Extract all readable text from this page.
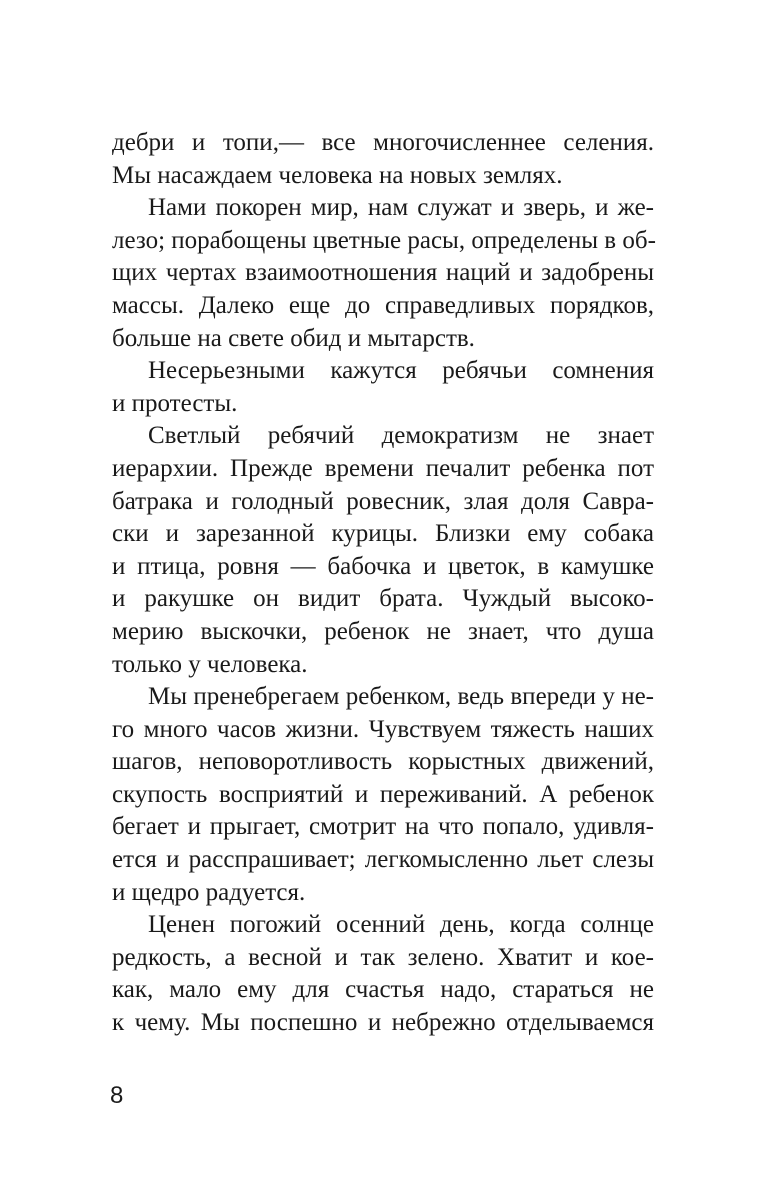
дебри и топи,— все многочисленнее селения.
Мы насаждаем человека на новых землях.
Нами покорен мир, нам служат и зверь, и же-
лезо; порабощены цветные расы, определены в об-
щих чертах взаимоотношения наций и задобрены
массы. Далеко еще до справедливых порядков,
больше на свете обид и мытарств.
Несерьезными кажутся ребячьи сомнения
и протесты.
Светлый ребячий демократизм не знает
иерархии. Прежде времени печалит ребенка пот
батрака и голодный ровесник, злая доля Савра-
ски и зарезанной курицы. Близки ему собака
и птица, ровня — бабочка и цветок, в камушке
и ракушке он видит брата. Чуждый высоко-
мерию выскочки, ребенок не знает, что душа
только у человека.
Мы пренебрегаем ребенком, ведь впереди у не-
го много часов жизни. Чувствуем тяжесть наших
шагов, неповоротливость корыстных движений,
скупость восприятий и переживаний. А ребенок
бегает и прыгает, смотрит на что попало, удивля-
ется и расспрашивает; легкомысленно льет слезы
и щедро радуется.
Ценен погожий осенний день, когда солнце
редкость, а весной и так зелено. Хватит и кое-
как, мало ему для счастья надо, стараться не
к чему. Мы поспешно и небрежно отделываемся
8
